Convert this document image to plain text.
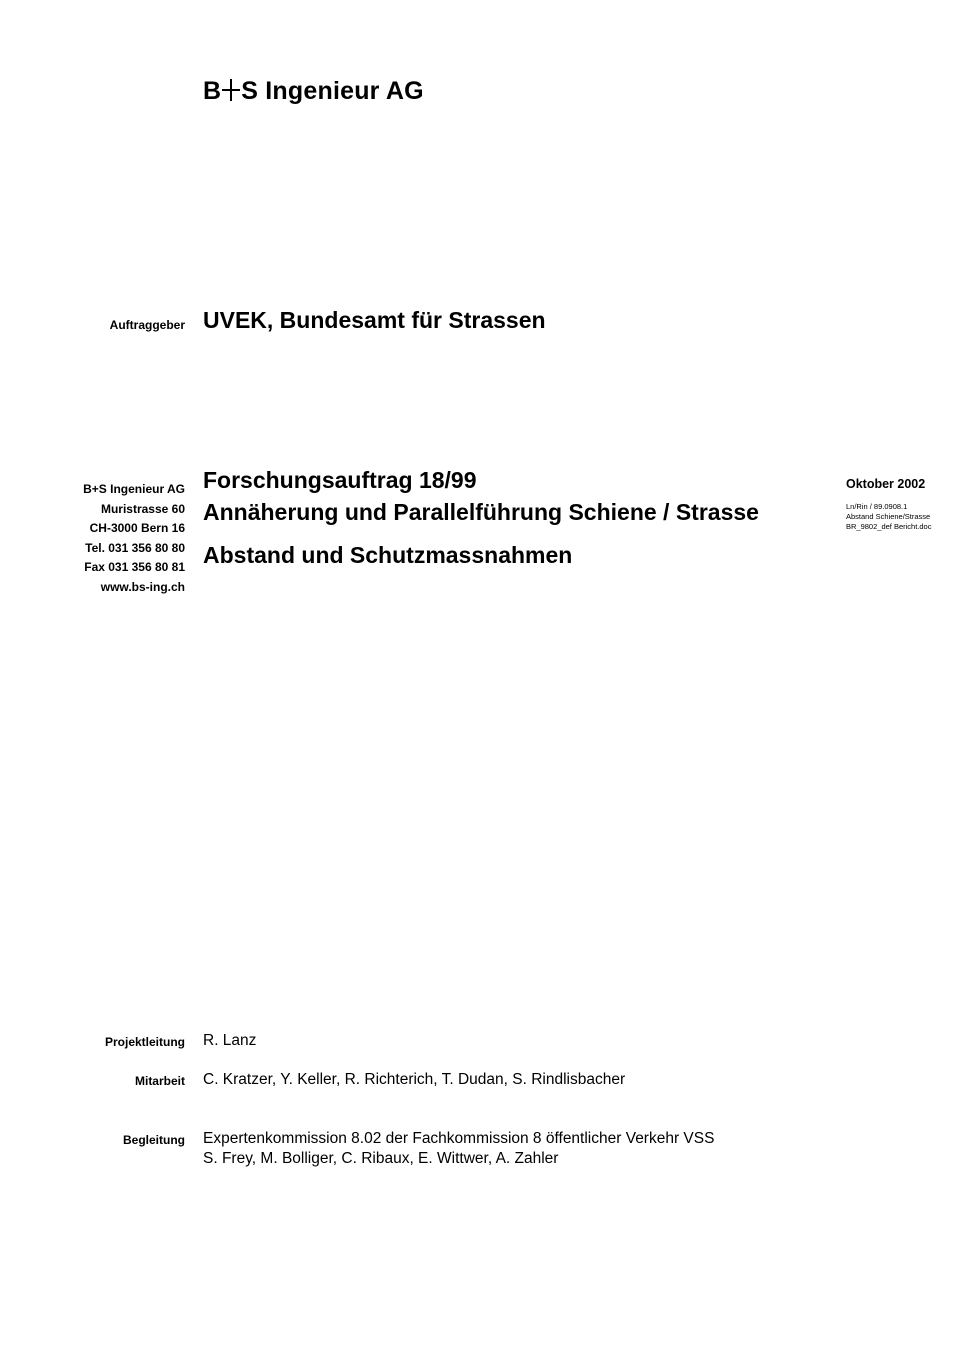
B S Ingenieur AG
Auftraggeber UVEK, Bundesamt für Strassen
B+S Ingenieur AG
Muristrasse 60
CH-3000 Bern 16
Tel. 031 356 80 80
Fax 031 356 80 81
www.bs-ing.ch
Forschungsauftrag 18/99
Annäherung und Parallelführung Schiene / Strasse
Abstand und Schutzmassnahmen
Oktober 2002
Ln/Rin / 89.0908.1
Abstand Schiene/Strasse
BR_9802_def Bericht.doc
Projektleitung R. Lanz
Mitarbeit C. Kratzer, Y. Keller, R. Richterich, T. Dudan, S. Rindlisbacher
Begleitung Expertenkommission 8.02 der Fachkommission 8 öffentlicher Verkehr VSS
S. Frey, M. Bolliger, C. Ribaux, E. Wittwer, A. Zahler
